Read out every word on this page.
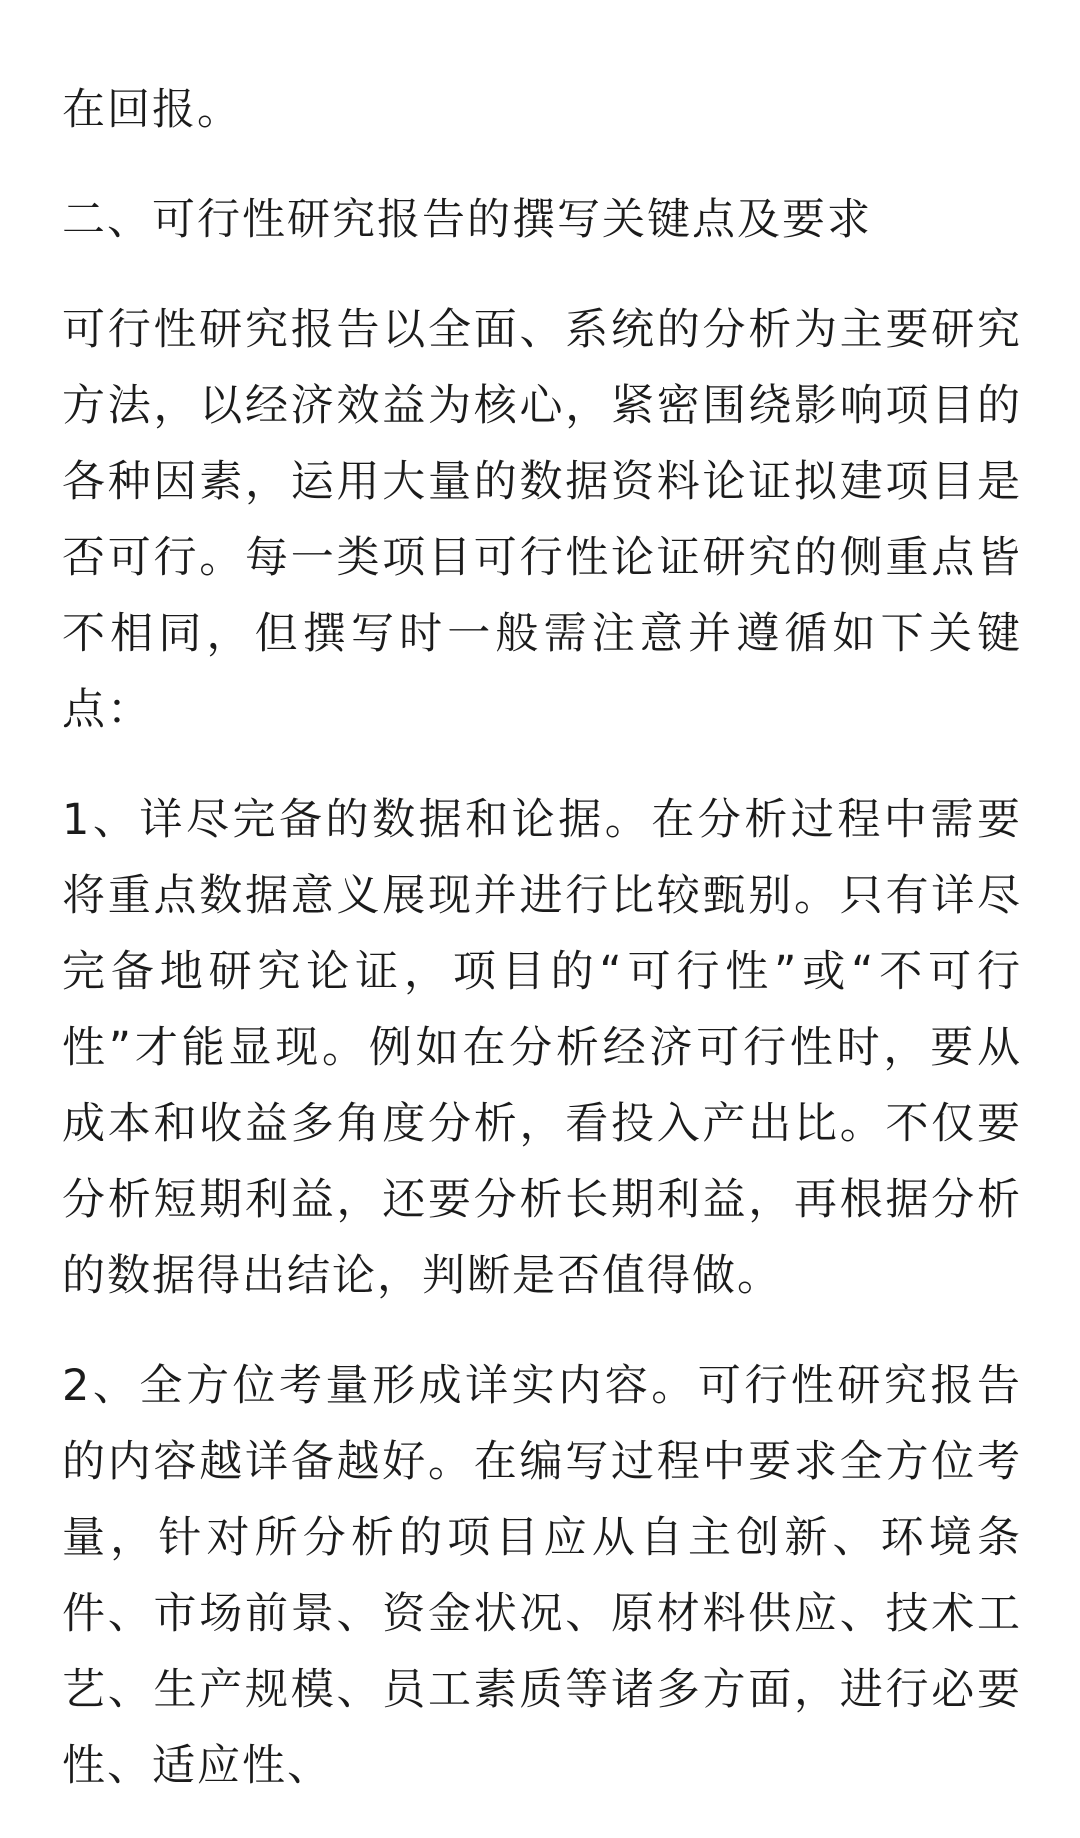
在回报。

二、可行性研究报告的撰写关键点及要求

可行性研究报告以全面、系统的分析为主要研究方法，以经济效益为核心，紧密围绕影响项目的各种因素，运用大量的数据资料论证拟建项目是否可行。每一类项目可行性论证研究的侧重点皆不相同，但撰写时一般需注意并遵循如下关键点：

1、详尽完备的数据和论据。在分析过程中需要将重点数据意义展现并进行比较甄别。只有详尽完备地研究论证，项目的“可行性”或“不可行性”才能显现。例如在分析经济可行性时，要从成本和收益多角度分析，看投入产出比。不仅要分析短期利益，还要分析长期利益，再根据分析的数据得出结论，判断是否值得做。

2、全方位考量形成详实内容。可行性研究报告的内容越详备越好。在编写过程中要求全方位考量，针对所分析的项目应从自主创新、环境条件、市场前景、资金状况、原材料供应、技术工艺、生产规模、员工素质等诸多方面，进行必要性、适应性、
